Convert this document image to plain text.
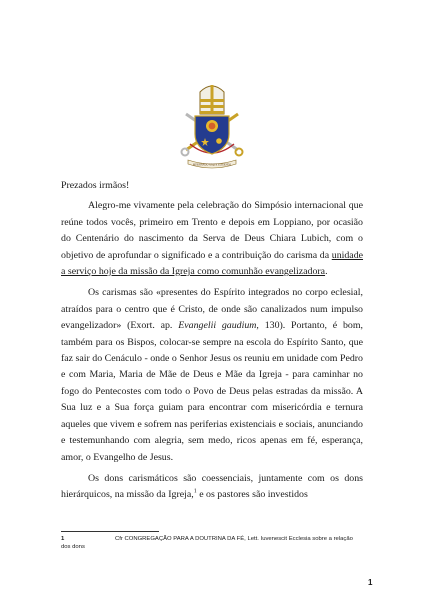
MISERANDO ATQUE ELIGENDO

Prezados irmãos!

Alegro-me vivamente pela celebração do Simpósio internacional que reúne todos vocês, primeiro em Trento e depois em Loppiano, por ocasião do Centenário do nascimento da Serva de Deus Chiara Lubich, com o objetivo de aprofundar o significado e a contribuição do carisma da unidade a serviço hoje da missão da Igreja como comunhão evangelizadora.

Os carismas são «presentes do Espírito integrados no corpo eclesial, atraídos para o centro que é Cristo, de onde são canalizados num impulso evangelizador» (Exort. ap. Evangelii gaudium, 130). Portanto, é bom, também para os Bispos, colocar-se sempre na escola do Espírito Santo, que faz sair do Cenáculo - onde o Senhor Jesus os reuniu em unidade com Pedro e com Maria, Maria de Mãe de Deus e Mãe da Igreja - para caminhar no fogo do Pentecostes com todo o Povo de Deus pelas estradas da missão. A Sua luz e a Sua força guiam para encontrar com misericórdia e ternura aqueles que vivem e sofrem nas periferias existenciais e sociais, anunciando e testemunhando com alegria, sem medo, ricos apenas em fé, esperança, amor, o Evangelho de Jesus.

Os dons carismáticos são coessenciais, juntamente com os dons hierárquicos, na missão da Igreja,$^1$ e os pastores são investidos

1	Cfr CONGREGAÇÃO PARA A DOUTRINA DA FÉ, Lett. Iuvenescit Ecclesia sobre a relação dos dons
1
